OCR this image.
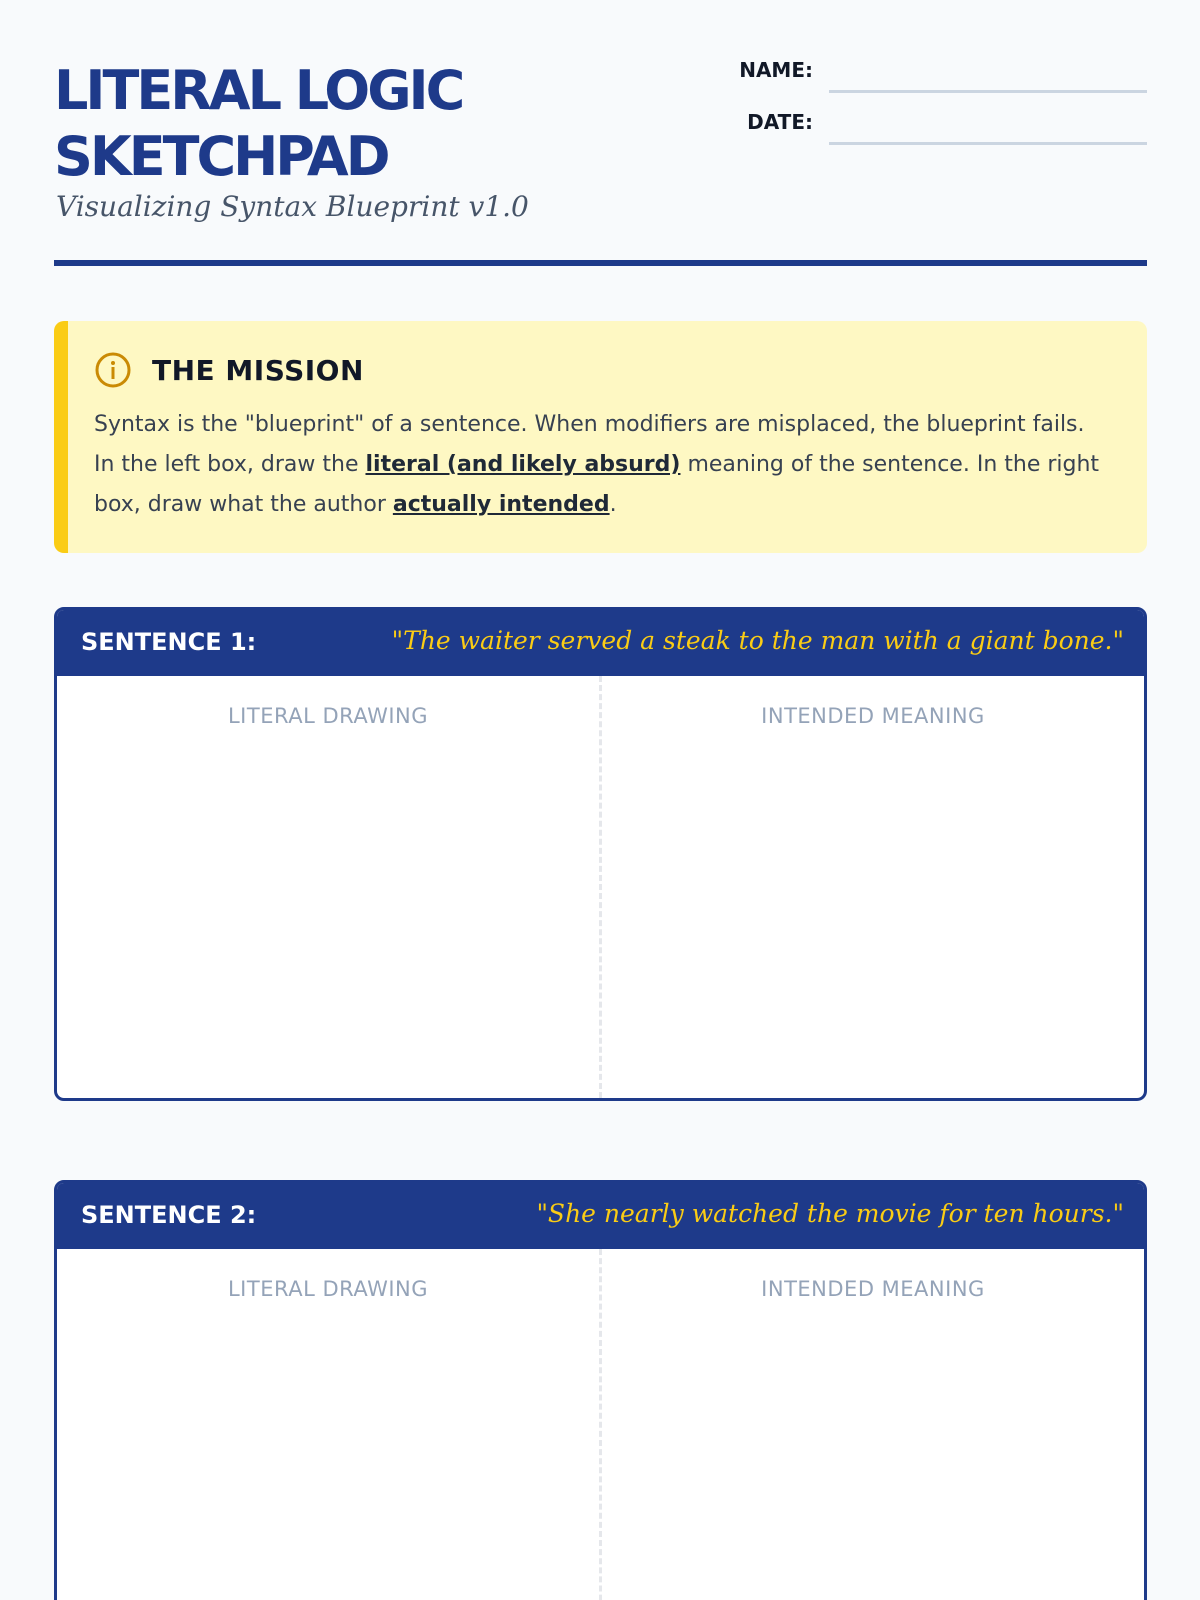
LITERAL LOGIC
SKETCHPAD
Visualizing Syntax Blueprint v1.0
NAME:
DATE:
THE MISSION
Syntax is the "blueprint" of a sentence. When modifiers are misplaced, the blueprint fails. In the left box, draw the literal (and likely absurd) meaning of the sentence. In the right box, draw what the author actually intended.
SENTENCE 1:	"The waiter served a steak to the man with a giant bone."
LITERAL DRAWING	INTENDED MEANING
SENTENCE 2:	"She nearly watched the movie for ten hours."
LITERAL DRAWING	INTENDED MEANING
